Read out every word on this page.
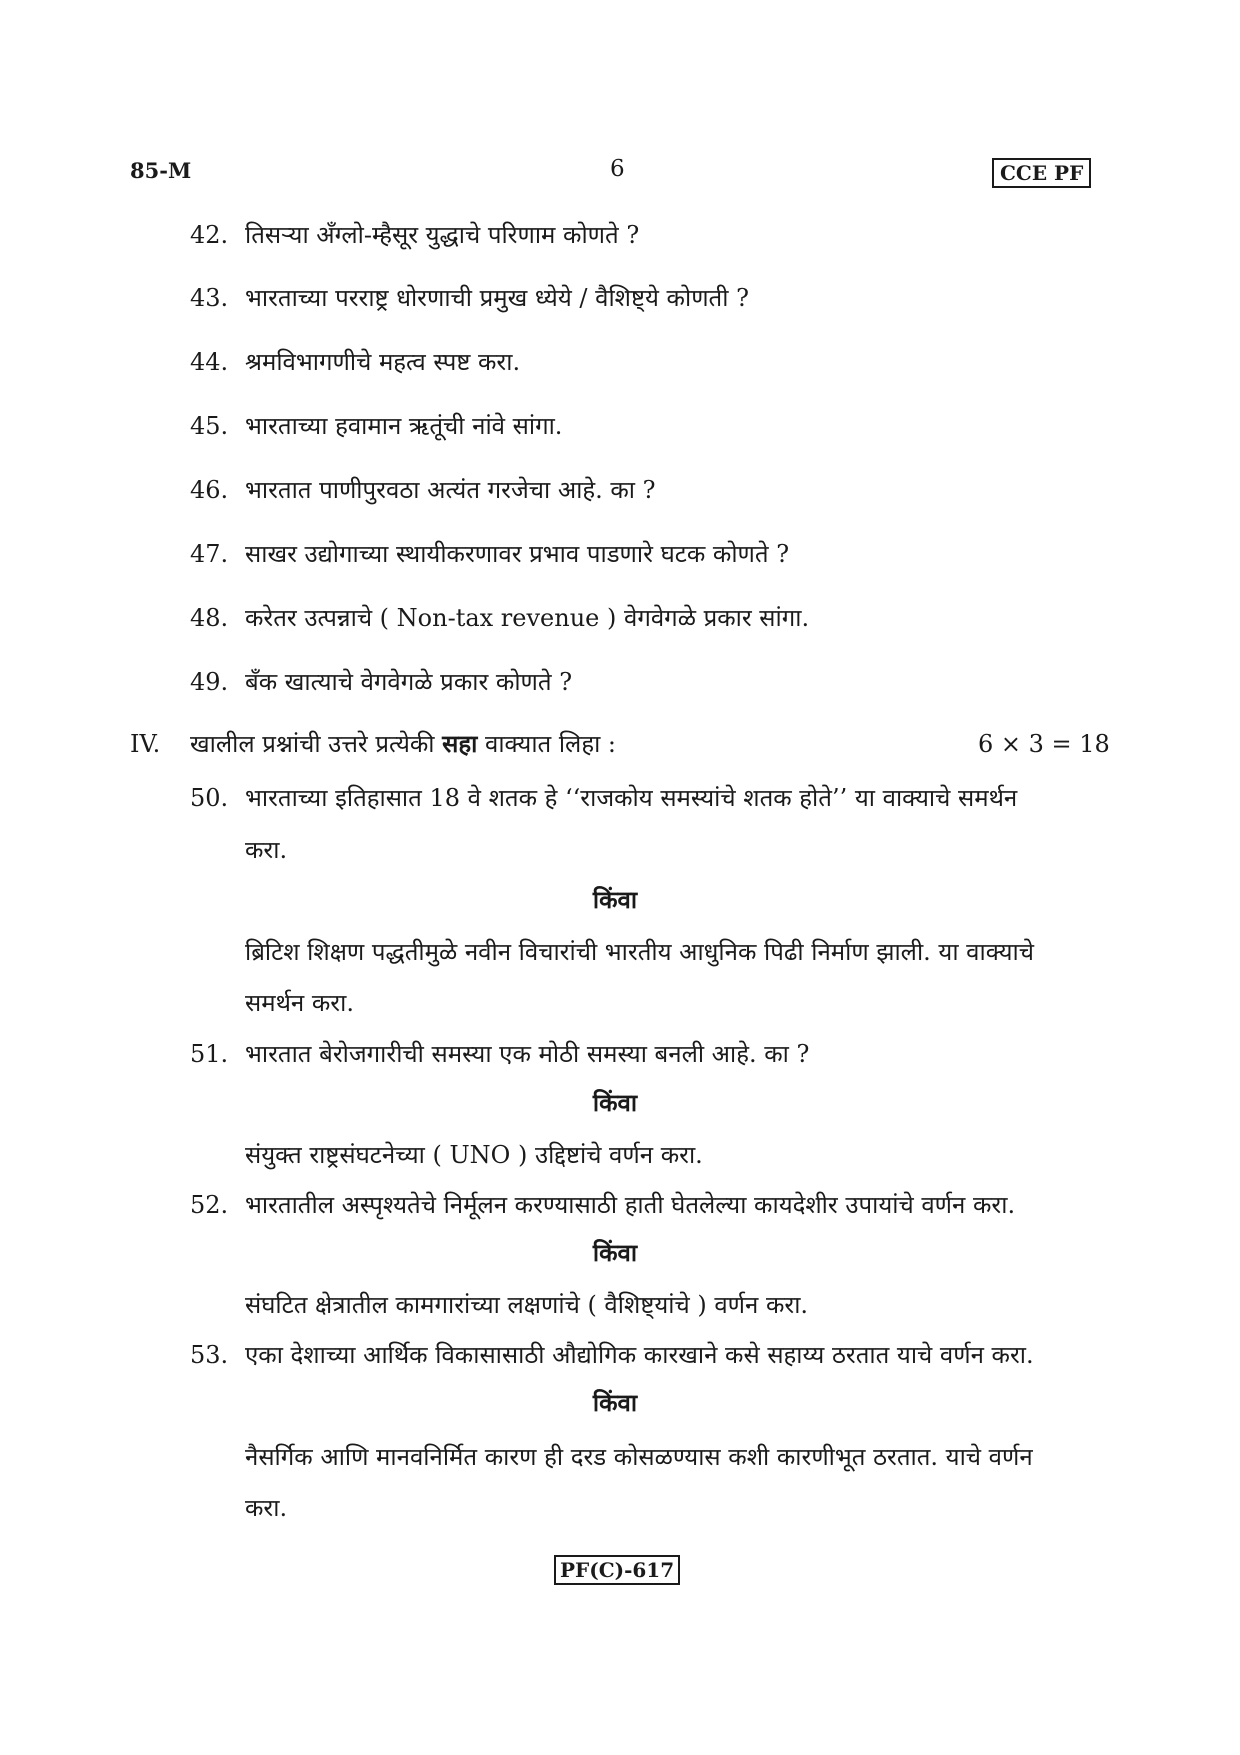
85-M	6	CCE PF
42. तिसऱ्या अँग्लो-म्हैसूर युद्धाचे परिणाम कोणते ?
43. भारताच्या परराष्ट्र धोरणाची प्रमुख ध्येये / वैशिष्ट्ये कोणती ?
44. श्रमविभागणीचे महत्व स्पष्ट करा.
45. भारताच्या हवामान ऋतूंची नांवे सांगा.
46. भारतात पाणीपुरवठा अत्यंत गरजेचा आहे. का ?
47. साखर उद्योगाच्या स्थायीकरणावर प्रभाव पाडणारे घटक कोणते ?
48. करेतर उत्पन्नाचे ( Non-tax revenue ) वेगवेगळे प्रकार सांगा.
49. बँक खात्याचे वेगवेगळे प्रकार कोणते ?
IV. खालील प्रश्नांची उत्तरे प्रत्येकी सहा वाक्यात लिहा :	6 × 3 = 18
50. भारताच्या इतिहासात 18 वे शतक हे ‘‘राजकोय समस्यांचे शतक होते’’ या वाक्याचे समर्थन
करा.
किंवा
ब्रिटिश शिक्षण पद्धतीमुळे नवीन विचारांची भारतीय आधुनिक पिढी निर्माण झाली. या वाक्याचे
समर्थन करा.
51. भारतात बेरोजगारीची समस्या एक मोठी समस्या बनली आहे. का ?
किंवा
संयुक्त राष्ट्रसंघटनेच्या ( UNO ) उद्दिष्टांचे वर्णन करा.
52. भारतातील अस्पृश्यतेचे निर्मूलन करण्यासाठी हाती घेतलेल्या कायदेशीर उपायांचे वर्णन करा.
किंवा
संघटित क्षेत्रातील कामगारांच्या लक्षणांचे ( वैशिष्ट्यांचे ) वर्णन करा.
53. एका देशाच्या आर्थिक विकासासाठी औद्योगिक कारखाने कसे सहाय्य ठरतात याचे वर्णन करा.
किंवा
नैसर्गिक आणि मानवनिर्मित कारण ही दरड कोसळण्यास कशी कारणीभूत ठरतात. याचे वर्णन
करा.
PF(C)-617
